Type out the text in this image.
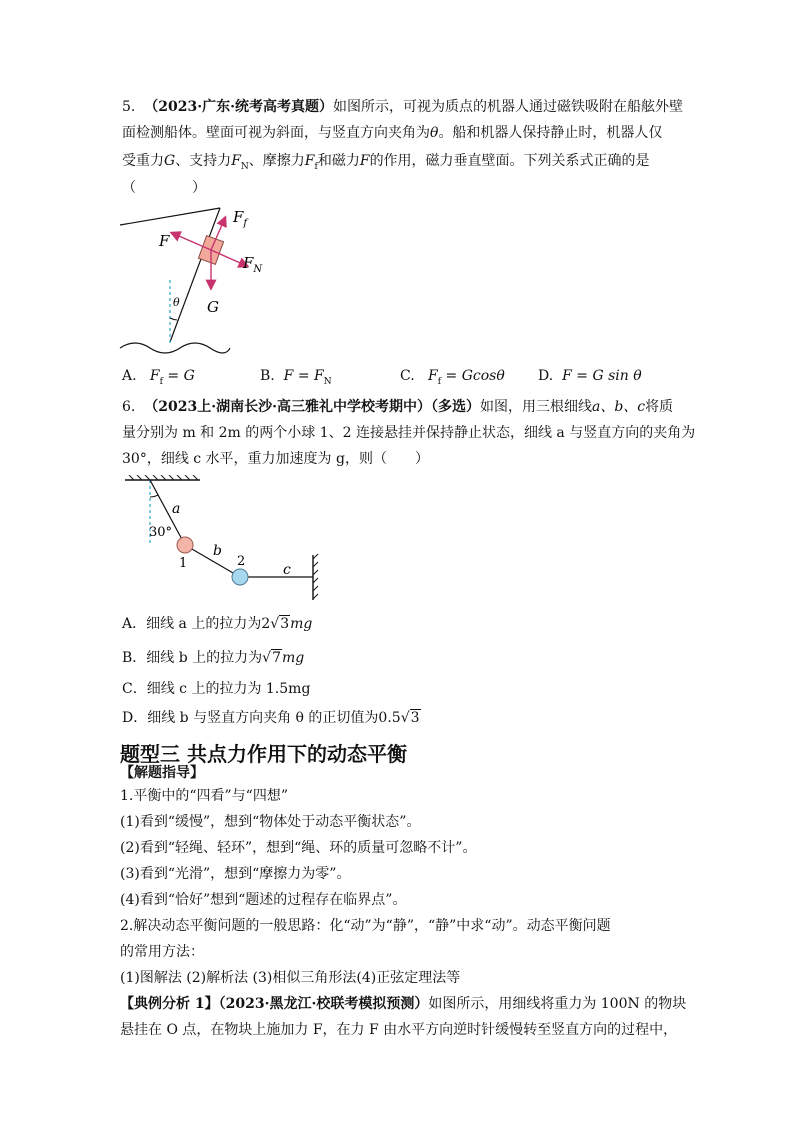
5. （2023·广东·统考高考真题）如图所示，可视为质点的机器人通过磁铁吸附在船舷外壁
面检测船体。壁面可视为斜面，与竖直方向夹角为θ。船和机器人保持静止时，机器人仅
受重力G、支持力$F_N$、摩擦力$F_f$和磁力F的作用，磁力垂直壁面。下列关系式正确的是
（　　　　）
$F_f$
F
$F_N$
G
θ
A. $F_f = G$	B. $F = F_N$	C. $F_f = Gcos\theta$ D. F = G sin θ
6. （2023上·湖南长沙·高三雅礼中学校考期中）（多选）如图，用三根细线a、b、c将质
量分别为 m 和 2m 的两个小球 1、2 连接悬挂并保持静止状态，细线 a 与竖直方向的夹角为
30°，细线 c 水平，重力加速度为 g，则（　　）
a
30°
b
1	2
c
A．细线 a 上的拉力为2√3mg
B．细线 b 上的拉力为√7mg
C．细线 c 上的拉力为 1.5mg
D．细线 b 与竖直方向夹角 θ 的正切值为0.5√3
题型三 共点力作用下的动态平衡
【解题指导】
1.平衡中的“四看”与“四想”
(1)看到“缓慢”，想到“物体处于动态平衡状态”。
(2)看到“轻绳、轻环”，想到“绳、环的质量可忽略不计”。
(3)看到“光滑”，想到“摩擦力为零”。
(4)看到“恰好”想到“题述的过程存在临界点”。
2.解决动态平衡问题的一般思路：化“动”为“静”，“静”中求“动”。动态平衡问题
的常用方法：
(1)图解法 (2)解析法 (3)相似三角形法(4)正弦定理法等
【典例分析 1】（2023·黑龙江·校联考模拟预测）如图所示，用细线将重力为 100N 的物块
悬挂在 O 点，在物块上施加力 F，在力 F 由水平方向逆时针缓慢转至竖直方向的过程中，
